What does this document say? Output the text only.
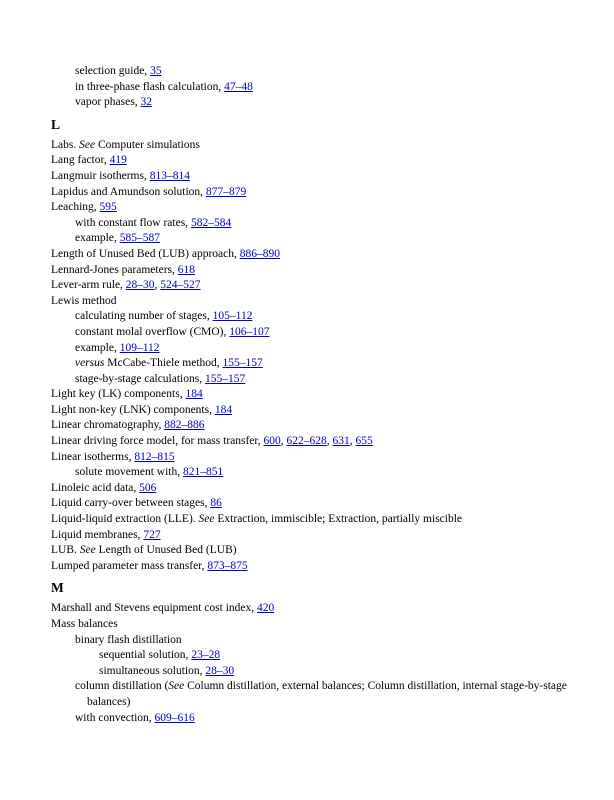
selection guide, 35
in three-phase flash calculation, 47–48
vapor phases, 32
L
Labs. See Computer simulations
Lang factor, 419
Langmuir isotherms, 813–814
Lapidus and Amundson solution, 877–879
Leaching, 595
with constant flow rates, 582–584
example, 585–587
Length of Unused Bed (LUB) approach, 886–890
Lennard-Jones parameters, 618
Lever-arm rule, 28–30, 524–527
Lewis method
calculating number of stages, 105–112
constant molal overflow (CMO), 106–107
example, 109–112
versus McCabe-Thiele method, 155–157
stage-by-stage calculations, 155–157
Light key (LK) components, 184
Light non-key (LNK) components, 184
Linear chromatography, 882–886
Linear driving force model, for mass transfer, 600, 622–628, 631, 655
Linear isotherms, 812–815
solute movement with, 821–851
Linoleic acid data, 506
Liquid carry-over between stages, 86
Liquid-liquid extraction (LLE). See Extraction, immiscible; Extraction, partially miscible
Liquid membranes, 727
LUB. See Length of Unused Bed (LUB)
Lumped parameter mass transfer, 873–875
M
Marshall and Stevens equipment cost index, 420
Mass balances
binary flash distillation
sequential solution, 23–28
simultaneous solution, 28–30
column distillation (See Column distillation, external balances; Column distillation, internal stage-by-stage balances)
with convection, 609–616
